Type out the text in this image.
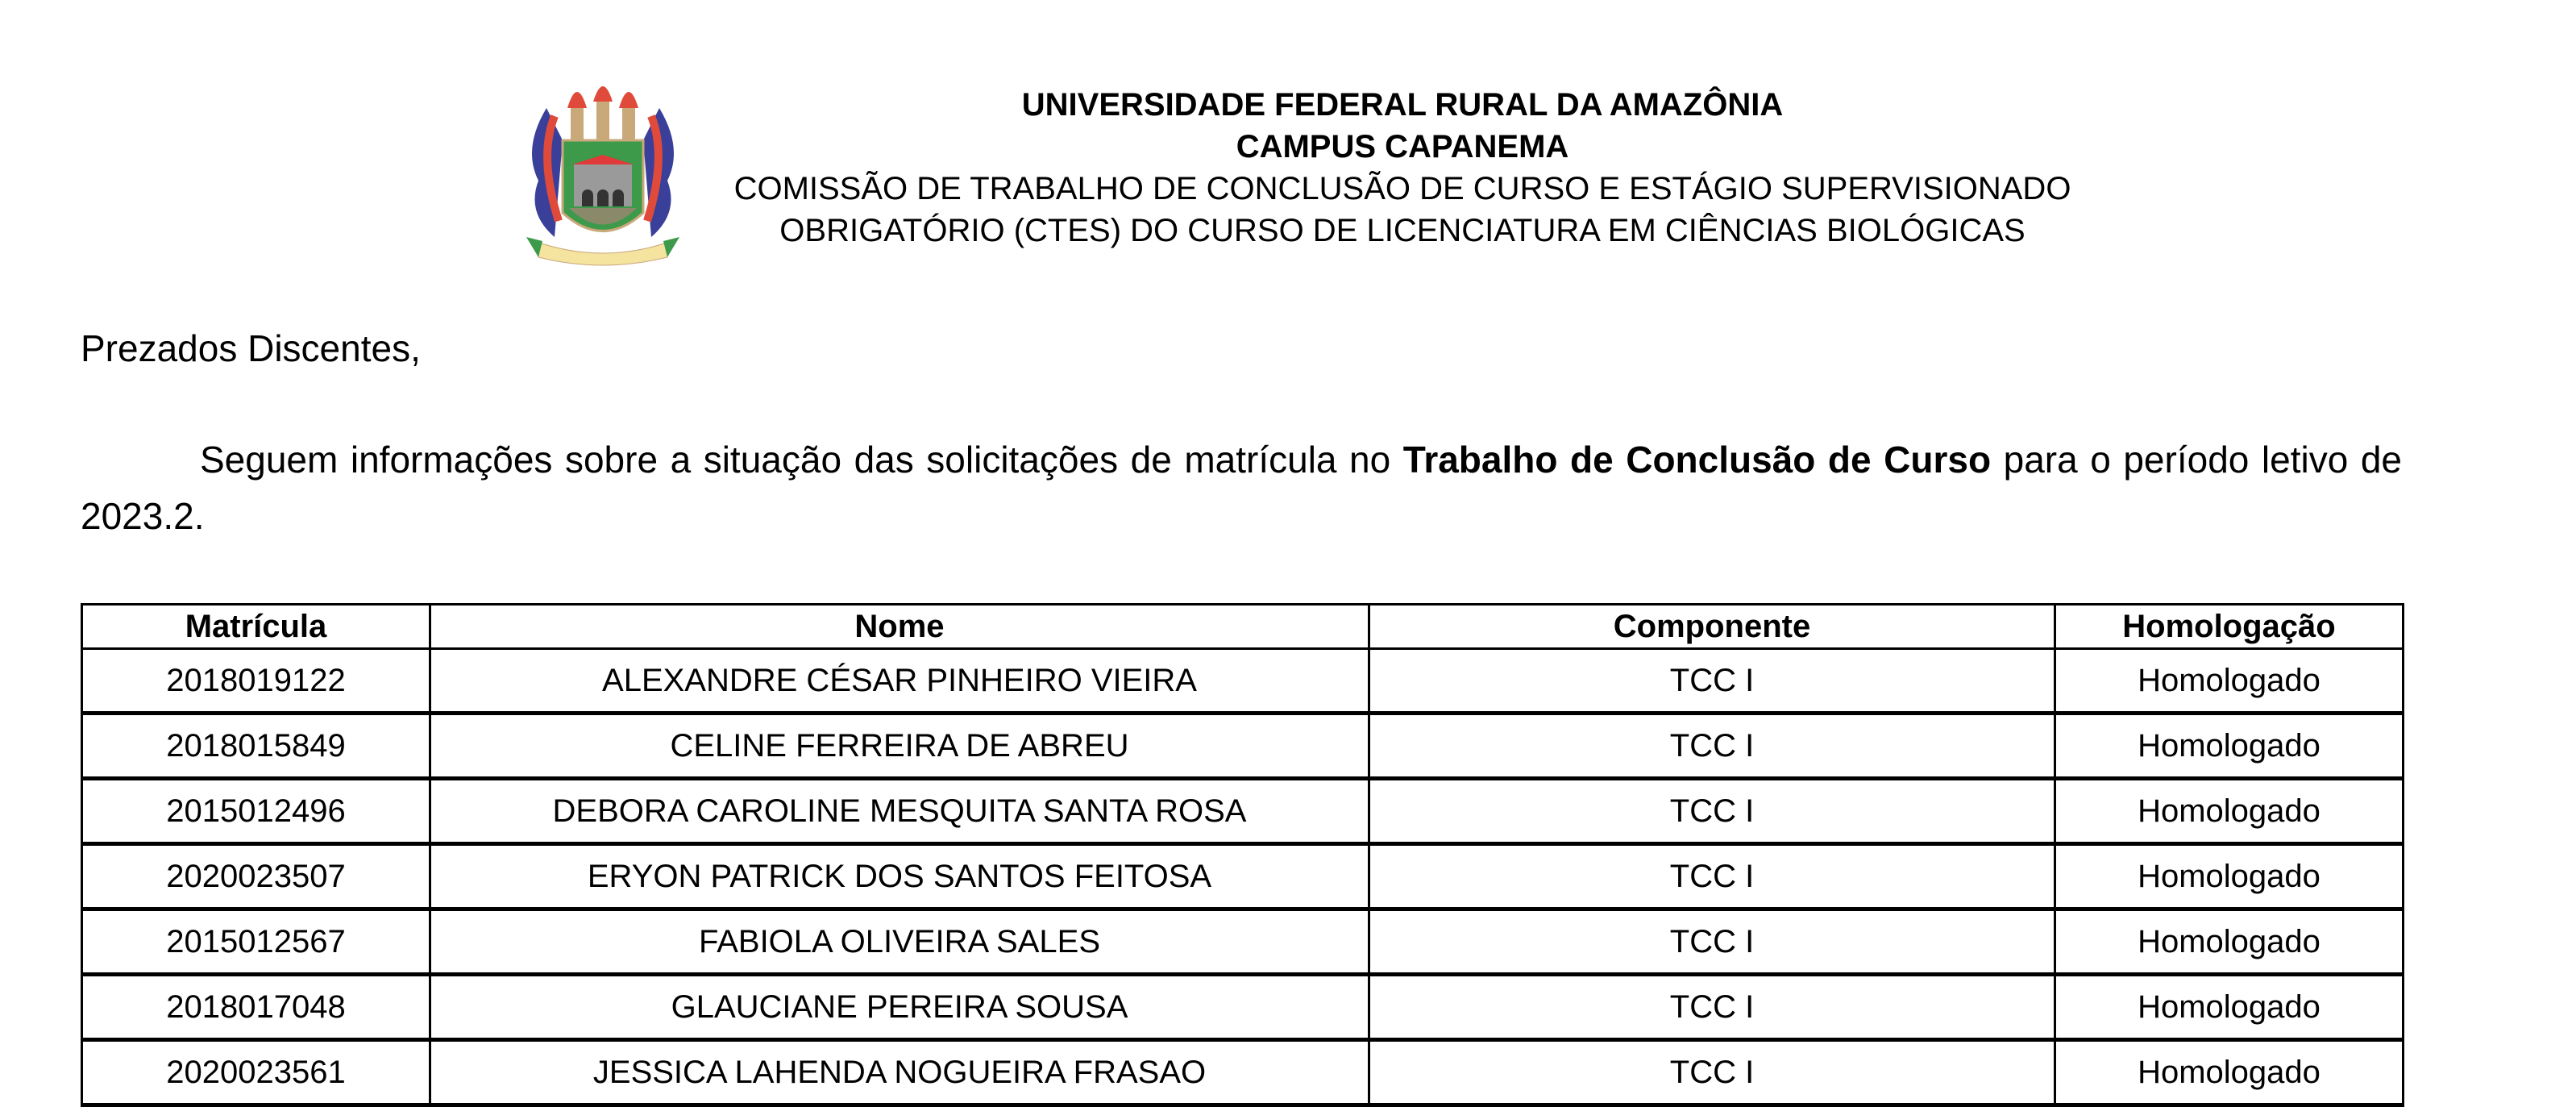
UNIVERSIDADE FEDERAL RURAL DA AMAZÔNIA
CAMPUS CAPANEMA
COMISSÃO DE TRABALHO DE CONCLUSÃO DE CURSO E ESTÁGIO SUPERVISIONADO
OBRIGATÓRIO (CTES) DO CURSO DE LICENCIATURA EM CIÊNCIAS BIOLÓGICAS
Prezados Discentes,
Seguem informações sobre a situação das solicitações de matrícula no Trabalho de Conclusão de Curso para o período letivo de 2023.2.
Matrícula	Nome	Componente	Homologação
2018019122	ALEXANDRE CÉSAR PINHEIRO VIEIRA	TCC I	Homologado
2018015849	CELINE FERREIRA DE ABREU	TCC I	Homologado
2015012496	DEBORA CAROLINE MESQUITA SANTA ROSA	TCC I	Homologado
2020023507	ERYON PATRICK DOS SANTOS FEITOSA	TCC I	Homologado
2015012567	FABIOLA OLIVEIRA SALES	TCC I	Homologado
2018017048	GLAUCIANE PEREIRA SOUSA	TCC I	Homologado
2020023561	JESSICA LAHENDA NOGUEIRA FRASAO	TCC I	Homologado
